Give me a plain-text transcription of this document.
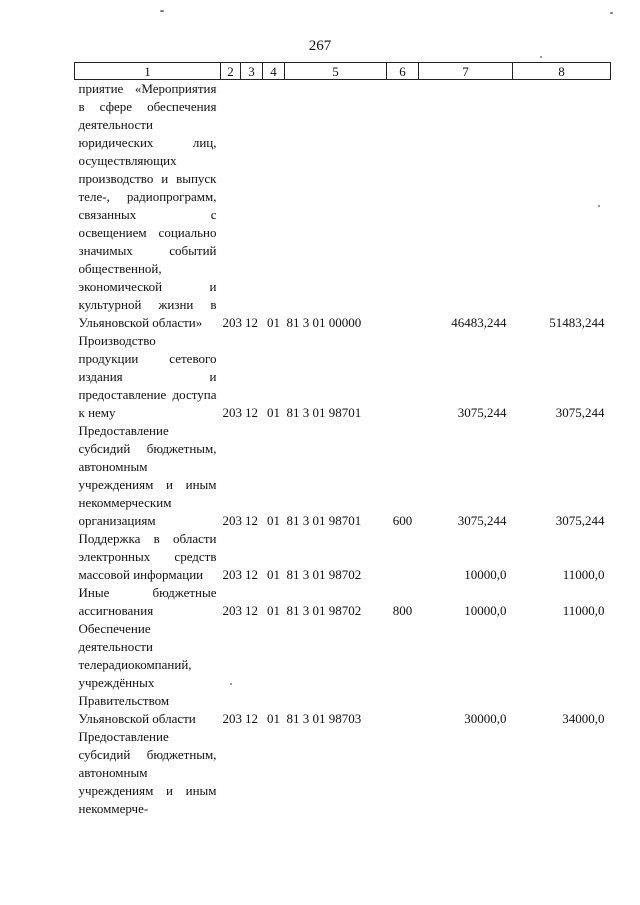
267
1	2	3	4	5	6	7	8
приятие «Мероприятия в сфере обеспечения деятельности юридических лиц, осуществляющих производство и выпуск теле-, радиопрограмм, связанных с освещением социально значимых событий общественной, экономической и культурной жизни в Ульяновской области»	203	12	01	81 3 01 00000		46483,244	51483,244
Производство продукции сетевого издания и предоставление доступа к нему	203	12	01	81 3 01 98701		3075,244	3075,244
Предоставление субсидий бюджетным, автономным учреждениям и иным некоммерческим организациям	203	12	01	81 3 01 98701	600	3075,244	3075,244
Поддержка в области электронных средств массовой информации	203	12	01	81 3 01 98702		10000,0	11000,0
Иные бюджетные ассигнования	203	12	01	81 3 01 98702	800	10000,0	11000,0
Обеспечение деятельности телерадиокомпаний, учреждённых Правительством Ульяновской области	203	12	01	81 3 01 98703		30000,0	34000,0
Предоставление субсидий бюджетным, автономным учреждениям и иным некоммерче-							
